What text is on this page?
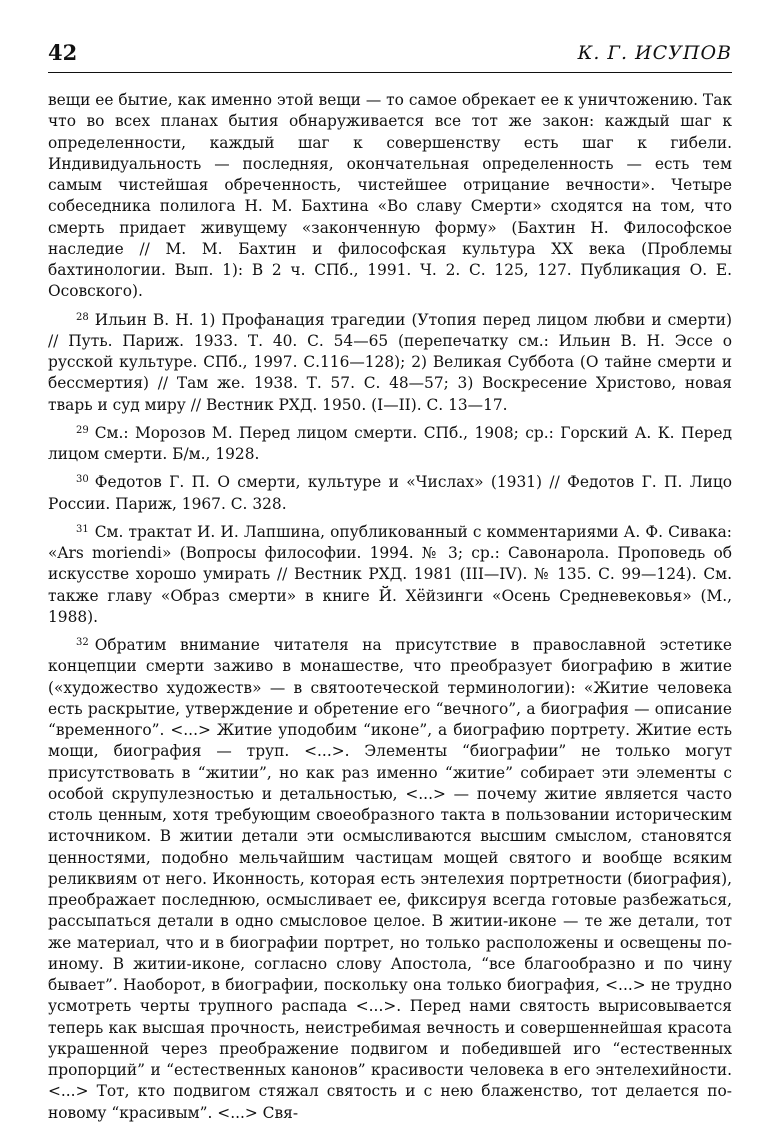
42	К. Г. ИСУПОВ

вещи ее бытие, как именно этой вещи — то самое обрекает ее к уничтожению. Так что во всех планах бытия обнаруживается все тот же закон: каждый шаг к определенности, каждый шаг к совершенству есть шаг к гибели. Индивидуальность — последняя, окончательная определенность — есть тем самым чистейшая обреченность, чистейшее отрицание вечности». Четыре собеседника полилога Н. М. Бахтина «Во славу Смерти» сходятся на том, что смерть придает живущему «законченную форму» (Бахтин Н. Философское наследие // М. М. Бахтин и философская культура XX века (Проблемы бахтинологии. Вып. 1): В 2 ч. СПб., 1991. Ч. 2. С. 125, 127. Публикация О. Е. Осовского).

$^{28}$ Ильин В. Н. 1) Профанация трагедии (Утопия перед лицом любви и смерти) // Путь. Париж. 1933. Т. 40. С. 54—65 (перепечатку см.: Ильин В. Н. Эссе о русской культуре. СПб., 1997. С.116—128); 2) Великая Суббота (О тайне смерти и бессмертия) // Там же. 1938. Т. 57. С. 48—57; 3) Воскресение Христово, новая тварь и суд миру // Вестник РХД. 1950. (I—II). С. 13—17.

$^{29}$ См.: Морозов М. Перед лицом смерти. СПб., 1908; ср.: Горский А. К. Перед лицом смерти. Б/м., 1928.

$^{30}$ Федотов Г. П. О смерти, культуре и «Числах» (1931) // Федотов Г. П. Лицо России. Париж, 1967. С. 328.

$^{31}$ См. трактат И. И. Лапшина, опубликованный с комментариями А. Ф. Сивака: «Ars moriendi» (Вопросы философии. 1994. № 3; ср.: Савонарола. Проповедь об искусстве хорошо умирать // Вестник РХД. 1981 (III—IV). № 135. С. 99—124). См. также главу «Образ смерти» в книге Й. Хёйзинги «Осень Средневековья» (М., 1988).

$^{32}$ Обратим внимание читателя на присутствие в православной эстетике концепции смерти заживо в монашестве, что преобразует биографию в житие («художество художеств» — в святоотеческой терминологии): «Житие человека есть раскрытие, утверждение и обретение его “вечного”, а биография — описание “временного”. <...> Житие уподобим “иконе”, а биографию портрету. Житие есть мощи, биография — труп. <...>. Элементы “биографии” не только могут присутствовать в “житии”, но как раз именно “житие” собирает эти элементы с особой скрупулезностью и детальностью, <...> — почему житие является часто столь ценным, хотя требующим своеобразного такта в пользовании историческим источником. В житии детали эти осмысливаются высшим смыслом, становятся ценностями, подобно мельчайшим частицам мощей святого и вообще всяким реликвиям от него. Иконность, которая есть энтелехия портретности (биография), преображает последнюю, осмысливает ее, фиксируя всегда готовые разбежаться, рассыпаться детали в одно смысловое целое. В житии-иконе — те же детали, тот же материал, что и в биографии портрет, но только расположены и освещены по-иному. В житии-иконе, согласно слову Апостола, “все благообразно и по чину бывает”. Наоборот, в биографии, поскольку она только биография, <...> не трудно усмотреть черты трупного распада <...>. Перед нами святость вырисовывается теперь как высшая прочность, неистребимая вечность и совершеннейшая красота украшенной через преображение подвигом и победившей иго “естественных пропорций” и “естественных канонов” красивости человека в его энтелехийности. <...> Тот, кто подвигом стяжал святость и с нею блаженство, тот делается по-новому “красивым”. <...> Свя-
